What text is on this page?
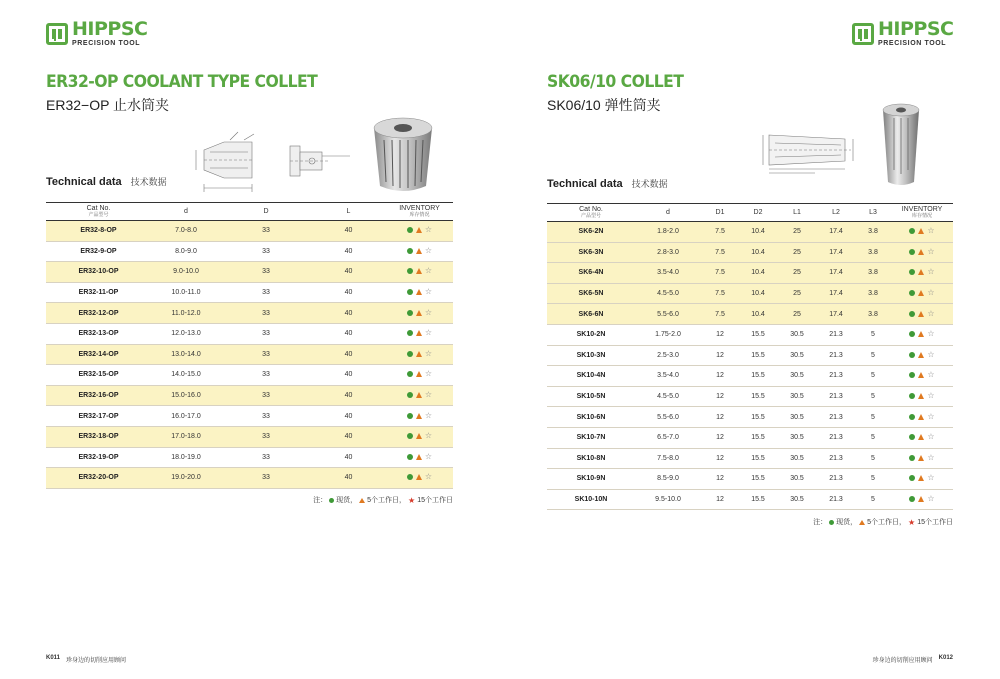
HIPPSC
PRECISION TOOL
ER32-OP COOLANT TYPE COLLET
ER32−OP 止水筒夹
Technical data 技术数据
Cat No.
产品型号	d	D	L	INVENTORY
库存情况

ER32-8-OP	7.0-8.0	33	40	☆

ER32-9-OP	8.0-9.0	33	40	☆

ER32-10-OP	9.0-10.0	33	40	☆

ER32-11-OP	10.0-11.0	33	40	☆

ER32-12-OP	11.0-12.0	33	40	☆

ER32-13-OP	12.0-13.0	33	40	☆

ER32-14-OP	13.0-14.0	33	40	☆

ER32-15-OP	14.0-15.0	33	40	☆

ER32-16-OP	15.0-16.0	33	40	☆

ER32-17-OP	16.0-17.0	33	40	☆

ER32-18-OP	17.0-18.0	33	40	☆

ER32-19-OP	18.0-19.0	33	40	☆

ER32-20-OP	19.0-20.0	33	40	☆
注： 现货， 5个工作日， ★ 15个工作日
K011 珍身边的切削应用顾问
HIPPSC
PRECISION TOOL
SK06/10 COLLET
SK06/10 弹性筒夹
Technical data 技术数据
Cat No.
产品型号	d	D1	D2	L1	L2	L3	INVENTORY
库存情况

SK6-2N	1.8-2.0	7.5	10.4	25	17.4	3.8	☆

SK6-3N	2.8-3.0	7.5	10.4	25	17.4	3.8	☆

SK6-4N	3.5-4.0	7.5	10.4	25	17.4	3.8	☆

SK6-5N	4.5-5.0	7.5	10.4	25	17.4	3.8	☆

SK6-6N	5.5-6.0	7.5	10.4	25	17.4	3.8	☆

SK10-2N	1.75-2.0	12	15.5	30.5	21.3	5	☆

SK10-3N	2.5-3.0	12	15.5	30.5	21.3	5	☆

SK10-4N	3.5-4.0	12	15.5	30.5	21.3	5	☆

SK10-5N	4.5-5.0	12	15.5	30.5	21.3	5	☆

SK10-6N	5.5-6.0	12	15.5	30.5	21.3	5	☆

SK10-7N	6.5-7.0	12	15.5	30.5	21.3	5	☆

SK10-8N	7.5-8.0	12	15.5	30.5	21.3	5	☆

SK10-9N	8.5-9.0	12	15.5	30.5	21.3	5	☆

SK10-10N	9.5-10.0	12	15.5	30.5	21.3	5	☆
注： 现货， 5个工作日， ★ 15个工作日
珍身边的切削应用顾问 K012
